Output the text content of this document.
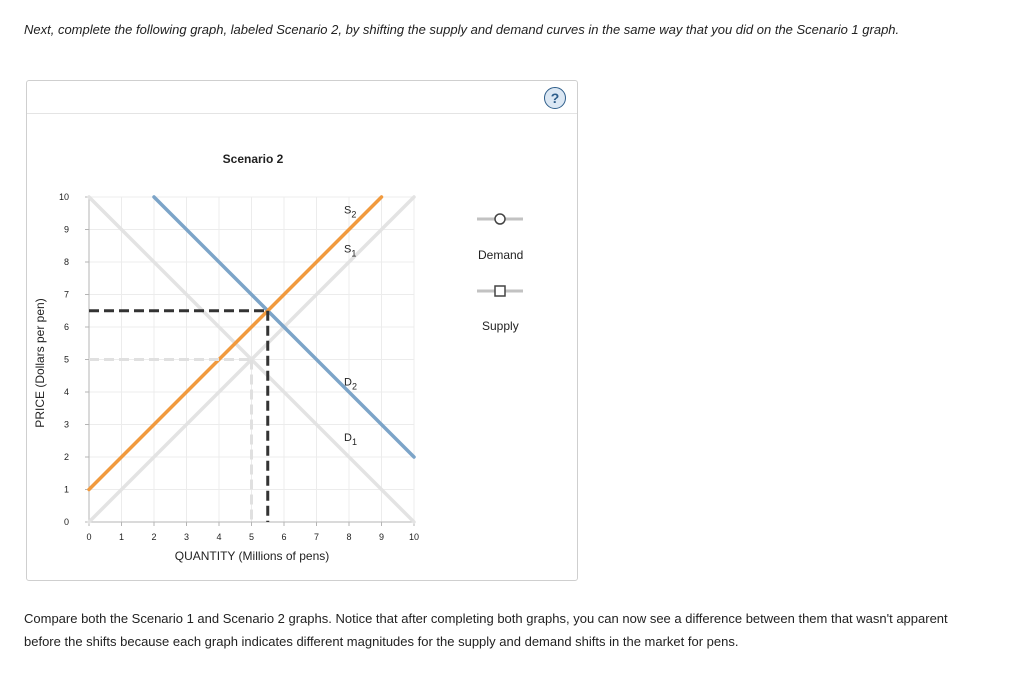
Next, complete the following graph, labeled Scenario 2, by shifting the supply and demand curves in the same way that you did on the Scenario 1 graph.
?
Scenario 2
0	1	2	3	4	5	6	7	8	9	10
0
1
2
3
4
5
6
7
8
9
10
QUANTITY (Millions of pens)
PRICE (Dollars per pen)
$D_1$
$S_1$
$D_2$
$S_2$
Demand
Supply
Compare both the Scenario 1 and Scenario 2 graphs. Notice that after completing both graphs, you can now see a difference between them that wasn't apparent before the shifts because each graph indicates different magnitudes for the supply and demand shifts in the market for pens.
